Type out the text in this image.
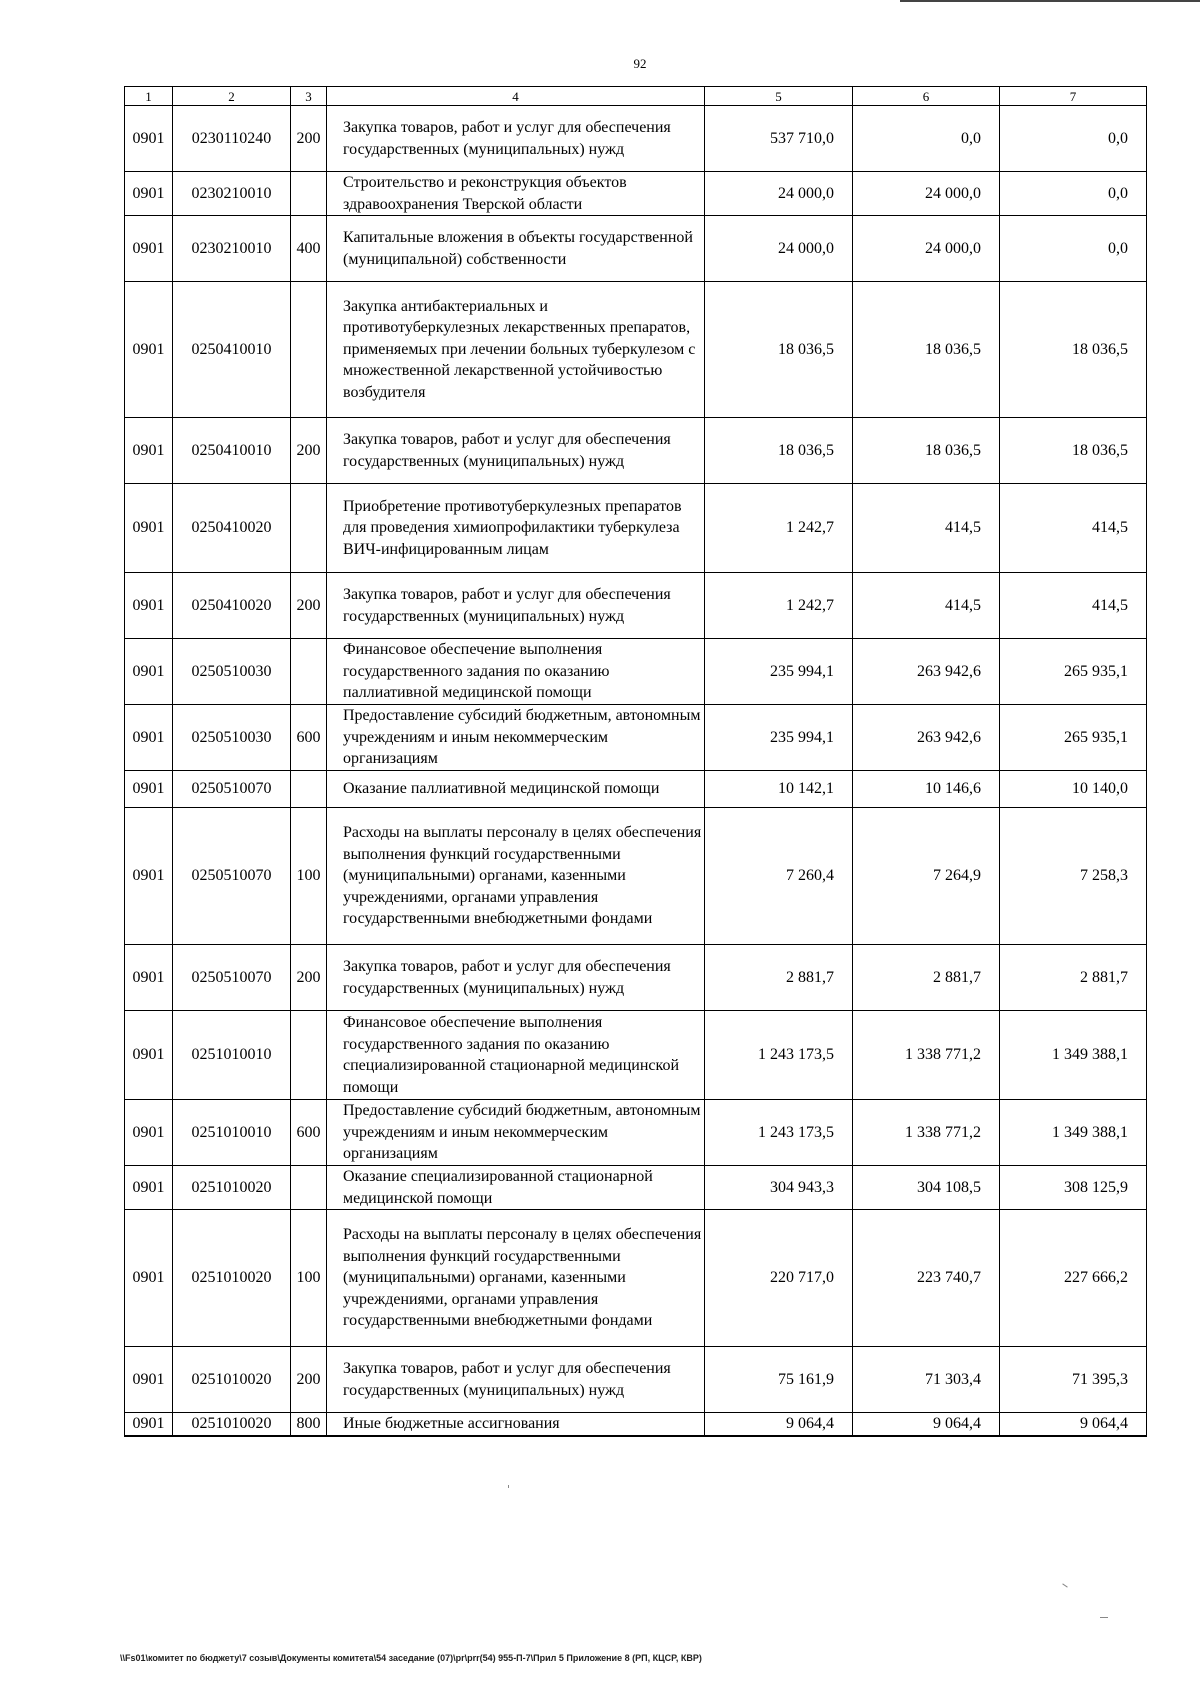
92
1	2	3	4	5	6	7
0901	0230110240	200	Закупка товаров, работ и услуг для обеспечения государственных (муниципальных) нужд	537 710,0	0,0	0,0
0901	0230210010		Строительство и реконструкция объектов здравоохранения Тверской области	24 000,0	24 000,0	0,0
0901	0230210010	400	Капитальные вложения в объекты государственной (муниципальной) собственности	24 000,0	24 000,0	0,0
0901	0250410010		Закупка антибактериальных и противотуберкулезных лекарственных препаратов, применяемых при лечении больных туберкулезом с множественной лекарственной устойчивостью возбудителя	18 036,5	18 036,5	18 036,5
0901	0250410010	200	Закупка товаров, работ и услуг для обеспечения государственных (муниципальных) нужд	18 036,5	18 036,5	18 036,5
0901	0250410020		Приобретение противотуберкулезных препаратов для проведения химиопрофилактики туберкулеза ВИЧ-инфицированным лицам	1 242,7	414,5	414,5
0901	0250410020	200	Закупка товаров, работ и услуг для обеспечения государственных (муниципальных) нужд	1 242,7	414,5	414,5
0901	0250510030		Финансовое обеспечение выполнения государственного задания по оказанию паллиативной медицинской помощи	235 994,1	263 942,6	265 935,1
0901	0250510030	600	Предоставление субсидий бюджетным, автономным учреждениям и иным некоммерческим организациям	235 994,1	263 942,6	265 935,1
0901	0250510070		Оказание паллиативной медицинской помощи	10 142,1	10 146,6	10 140,0
0901	0250510070	100	Расходы на выплаты персоналу в целях обеспечения выполнения функций государственными (муниципальными) органами, казенными учреждениями, органами управления государственными внебюджетными фондами	7 260,4	7 264,9	7 258,3
0901	0250510070	200	Закупка товаров, работ и услуг для обеспечения государственных (муниципальных) нужд	2 881,7	2 881,7	2 881,7
0901	0251010010		Финансовое обеспечение выполнения государственного задания по оказанию специализированной стационарной медицинской помощи	1 243 173,5	1 338 771,2	1 349 388,1
0901	0251010010	600	Предоставление субсидий бюджетным, автономным учреждениям и иным некоммерческим организациям	1 243 173,5	1 338 771,2	1 349 388,1
0901	0251010020		Оказание специализированной стационарной медицинской помощи	304 943,3	304 108,5	308 125,9
0901	0251010020	100	Расходы на выплаты персоналу в целях обеспечения выполнения функций государственными (муниципальными) органами, казенными учреждениями, органами управления государственными внебюджетными фондами	220 717,0	223 740,7	227 666,2
0901	0251010020	200	Закупка товаров, работ и услуг для обеспечения государственных (муниципальных) нужд	75 161,9	71 303,4	71 395,3
0901	0251010020	800	Иные бюджетные ассигнования	9 064,4	9 064,4	9 064,4
\\Fs01\комитет по бюджету\7 созыв\Документы комитета\54 заседание (07)\pr\prr(54) 955-П-7\Прил 5 Приложение 8 (РП, КЦСР, КВР)
